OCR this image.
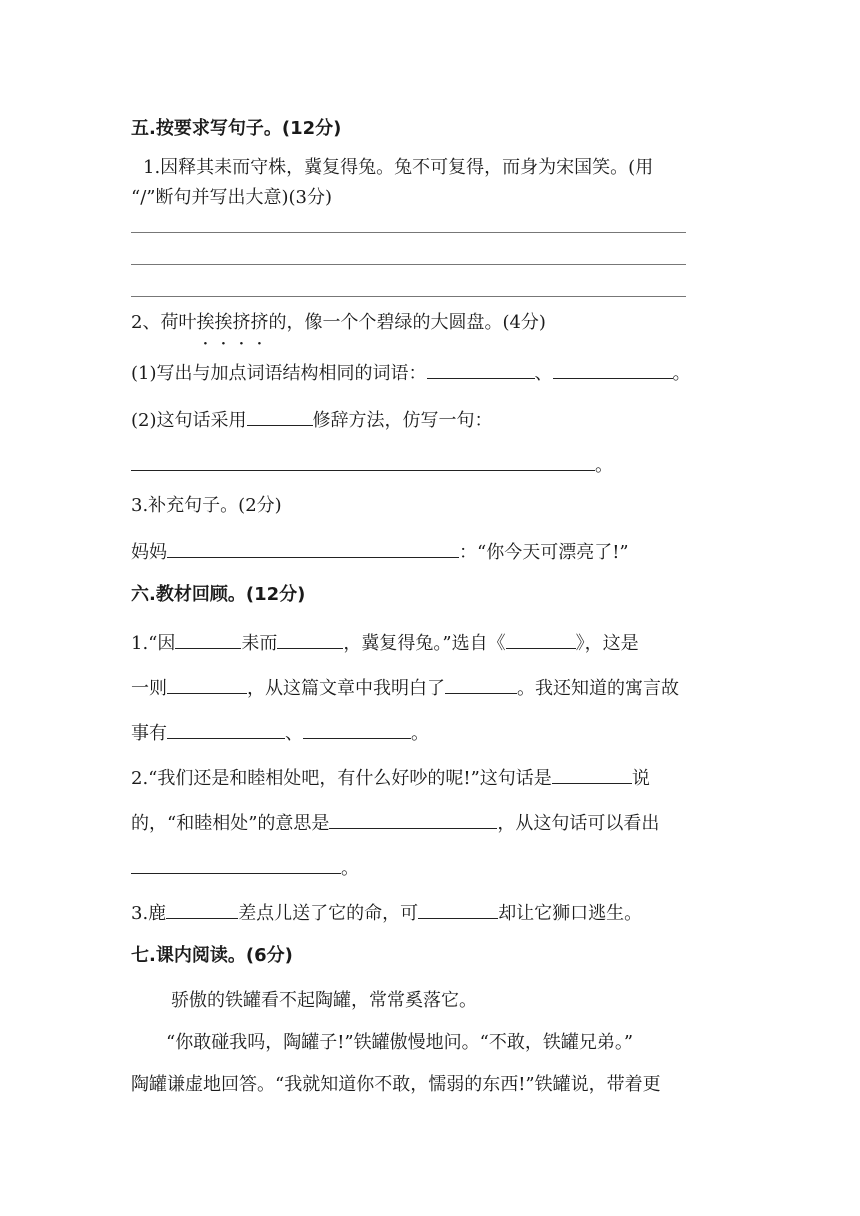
五.按要求写句子。(12分)
1.因释其耒而守株，冀复得兔。兔不可复得，而身为宋国笑。(用
“/”断句并写出大意)(3分)
2、荷叶挨挨挤挤的，像一个个碧绿的大圆盘。(4分)
(1)写出与加点词语结构相同的词语：	、	。
(2)这句话采用	修辞方法，仿写一句：
。
3.补充句子。(2分)
妈妈	：“你今天可漂亮了!”
六.教材回顾。(12分)
1.“因	耒而	，冀复得兔。”选自《	》，这是
一则	，从这篇文章中我明白了	。我还知道的寓言故
事有	、	。
2.“我们还是和睦相处吧，有什么好吵的呢!”这句话是	说
的，“和睦相处”的意思是	，从这句话可以看出
。
3.鹿	差点儿送了它的命，可	却让它狮口逃生。
七.课内阅读。(6分)
骄傲的铁罐看不起陶罐，常常奚落它。
“你敢碰我吗，陶罐子!”铁罐傲慢地问。“不敢，铁罐兄弟。”
陶罐谦虚地回答。“我就知道你不敢，懦弱的东西!”铁罐说，带着更
